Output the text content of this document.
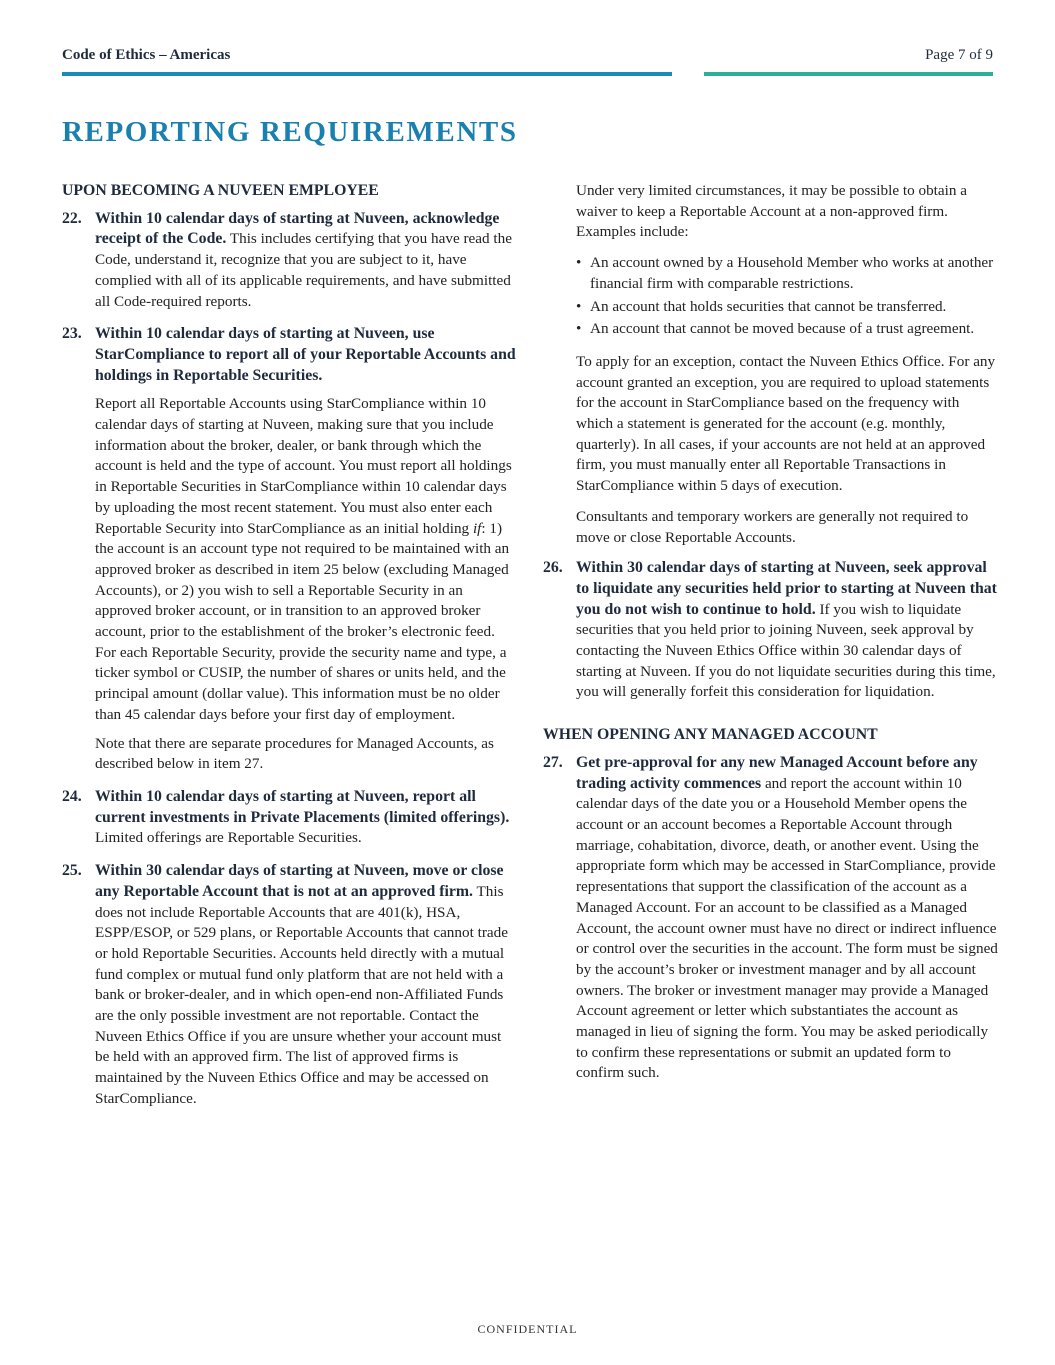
Code of Ethics – Americas	Page 7 of 9
REPORTING REQUIREMENTS
UPON BECOMING A NUVEEN EMPLOYEE
22. Within 10 calendar days of starting at Nuveen, acknowledge receipt of the Code. This includes certifying that you have read the Code, understand it, recognize that you are subject to it, have complied with all of its applicable requirements, and have submitted all Code-required reports.

23. Within 10 calendar days of starting at Nuveen, use StarCompliance to report all of your Reportable Accounts and holdings in Reportable Securities.

Report all Reportable Accounts using StarCompliance within 10 calendar days of starting at Nuveen, making sure that you include information about the broker, dealer, or bank through which the account is held and the type of account. You must report all holdings in Reportable Securities in StarCompliance within 10 calendar days by uploading the most recent statement. You must also enter each Reportable Security into StarCompliance as an initial holding if: 1) the account is an account type not required to be maintained with an approved broker as described in item 25 below (excluding Managed Accounts), or 2) you wish to sell a Reportable Security in an approved broker account, or in transition to an approved broker account, prior to the establishment of the broker’s electronic feed. For each Reportable Security, provide the security name and type, a ticker symbol or CUSIP, the number of shares or units held, and the principal amount (dollar value). This information must be no older than 45 calendar days before your first day of employment.

Note that there are separate procedures for Managed Accounts, as described below in item 27.

24. Within 10 calendar days of starting at Nuveen, report all current investments in Private Placements (limited offerings). Limited offerings are Reportable Securities.

25. Within 30 calendar days of starting at Nuveen, move or close any Reportable Account that is not at an approved firm. This does not include Reportable Accounts that are 401(k), HSA, ESPP/ESOP, or 529 plans, or Reportable Accounts that cannot trade or hold Reportable Securities. Accounts held directly with a mutual fund complex or mutual fund only platform that are not held with a bank or broker-dealer, and in which open-end non-Affiliated Funds are the only possible investment are not reportable. Contact the Nuveen Ethics Office if you are unsure whether your account must be held with an approved firm. The list of approved firms is maintained by the Nuveen Ethics Office and may be accessed on StarCompliance.

Under very limited circumstances, it may be possible to obtain a waiver to keep a Reportable Account at a non-approved firm. Examples include:

• An account owned by a Household Member who works at another financial firm with comparable restrictions.
• An account that holds securities that cannot be transferred.
• An account that cannot be moved because of a trust agreement.

To apply for an exception, contact the Nuveen Ethics Office. For any account granted an exception, you are required to upload statements for the account in StarCompliance based on the frequency with which a statement is generated for the account (e.g. monthly, quarterly). In all cases, if your accounts are not held at an approved firm, you must manually enter all Reportable Transactions in StarCompliance within 5 days of execution.

Consultants and temporary workers are generally not required to move or close Reportable Accounts.

26. Within 30 calendar days of starting at Nuveen, seek approval to liquidate any securities held prior to starting at Nuveen that you do not wish to continue to hold. If you wish to liquidate securities that you held prior to joining Nuveen, seek approval by contacting the Nuveen Ethics Office within 30 calendar days of starting at Nuveen. If you do not liquidate securities during this time, you will generally forfeit this consideration for liquidation.

WHEN OPENING ANY MANAGED ACCOUNT
27. Get pre-approval for any new Managed Account before any trading activity commences and report the account within 10 calendar days of the date you or a Household Member opens the account or an account becomes a Reportable Account through marriage, cohabitation, divorce, death, or another event. Using the appropriate form which may be accessed in StarCompliance, provide representations that support the classification of the account as a Managed Account. For an account to be classified as a Managed Account, the account owner must have no direct or indirect influence or control over the securities in the account. The form must be signed by the account’s broker or investment manager and by all account owners. The broker or investment manager may provide a Managed Account agreement or letter which substantiates the account as managed in lieu of signing the form. You may be asked periodically to confirm these representations or submit an updated form to confirm such.

CONFIDENTIAL
